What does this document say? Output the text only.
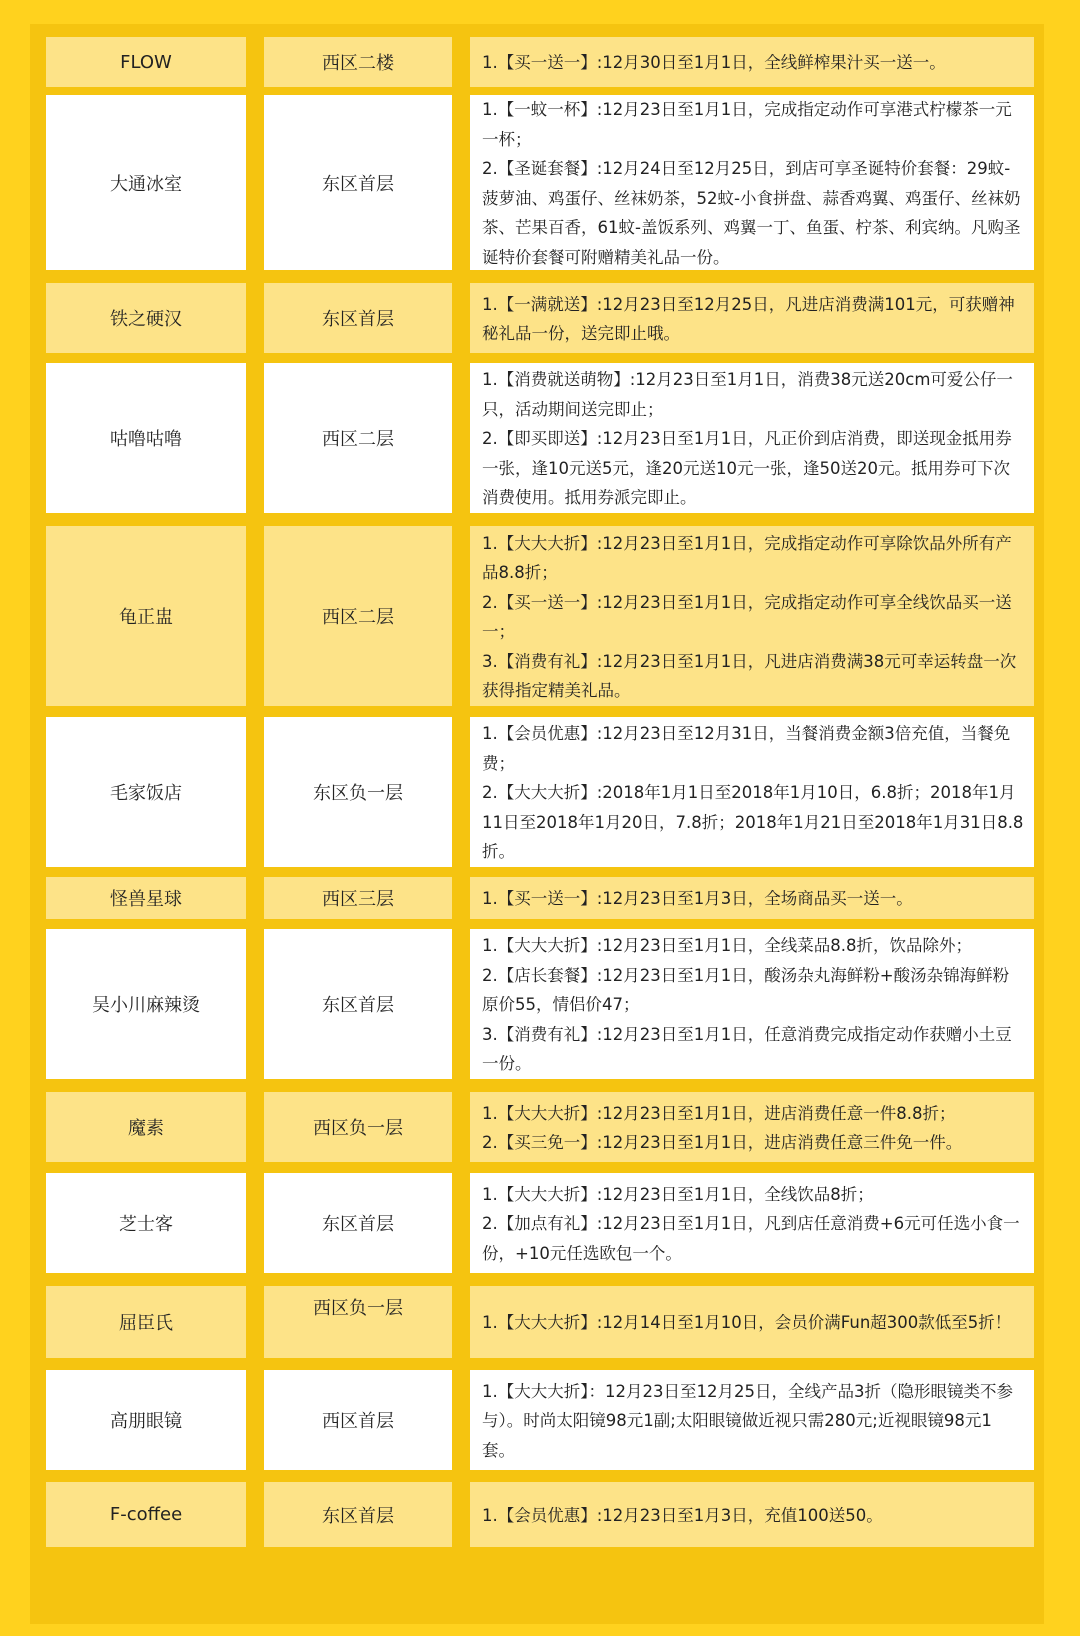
FLOW	西区二楼	1.【买一送一】:12月30日至1月1日，全线鲜榨果汁买一送一。
大通冰室	东区首层
1.【一蚊一杯】:12月23日至1月1日，完成指定动作可享港式柠檬茶一元一杯；
2.【圣诞套餐】:12月24日至12月25日，到店可享圣诞特价套餐：29蚊-菠萝油、鸡蛋仔、丝袜奶茶，52蚊-小食拼盘、蒜香鸡翼、鸡蛋仔、丝袜奶茶、芒果百香，61蚊-盖饭系列、鸡翼一丁、鱼蛋、柠茶、利宾纳。凡购圣诞特价套餐可附赠精美礼品一份。
铁之硬汉	东区首层
1.【一满就送】:12月23日至12月25日，凡进店消费满101元，可获赠神秘礼品一份，送完即止哦。
咕噜咕噜	西区二层
1.【消费就送萌物】:12月23日至1月1日，消费38元送20cm可爱公仔一只，活动期间送完即止；
2.【即买即送】:12月23日至1月1日，凡正价到店消费，即送现金抵用券一张，逢10元送5元，逢20元送10元一张，逢50送20元。抵用券可下次消费使用。抵用券派完即止。
龟正盅	西区二层
1.【大大大折】:12月23日至1月1日，完成指定动作可享除饮品外所有产品8.8折；
2.【买一送一】:12月23日至1月1日，完成指定动作可享全线饮品买一送一；
3.【消费有礼】:12月23日至1月1日，凡进店消费满38元可幸运转盘一次获得指定精美礼品。
毛家饭店	东区负一层
1.【会员优惠】:12月23日至12月31日，当餐消费金额3倍充值，当餐免费；
2.【大大大折】:2018年1月1日至2018年1月10日，6.8折；2018年1月11日至2018年1月20日，7.8折；2018年1月21日至2018年1月31日8.8折。
怪兽星球	西区三层	1.【买一送一】:12月23日至1月3日，全场商品买一送一。
吴小川麻辣烫	东区首层
1.【大大大折】:12月23日至1月1日，全线菜品8.8折，饮品除外；
2.【店长套餐】:12月23日至1月1日，酸汤杂丸海鲜粉+酸汤杂锦海鲜粉原价55，情侣价47；
3.【消费有礼】:12月23日至1月1日，任意消费完成指定动作获赠小土豆一份。
魔素	西区负一层
1.【大大大折】:12月23日至1月1日，进店消费任意一件8.8折；
2.【买三免一】:12月23日至1月1日，进店消费任意三件免一件。
芝士客	东区首层
1.【大大大折】:12月23日至1月1日，全线饮品8折；
2.【加点有礼】:12月23日至1月1日，凡到店任意消费+6元可任选小食一份，+10元任选欧包一个。
屈臣氏
西区负一层
1.【大大大折】:12月14日至1月10日，会员价满Fun超300款低至5折！
高朋眼镜	西区首层
1.【大大大折】：12月23日至12月25日，全线产品3折（隐形眼镜类不参与）。时尚太阳镜98元1副;太阳眼镜做近视只需280元;近视眼镜98元1套。
F-coffee	东区首层	1.【会员优惠】:12月23日至1月3日，充值100送50。
